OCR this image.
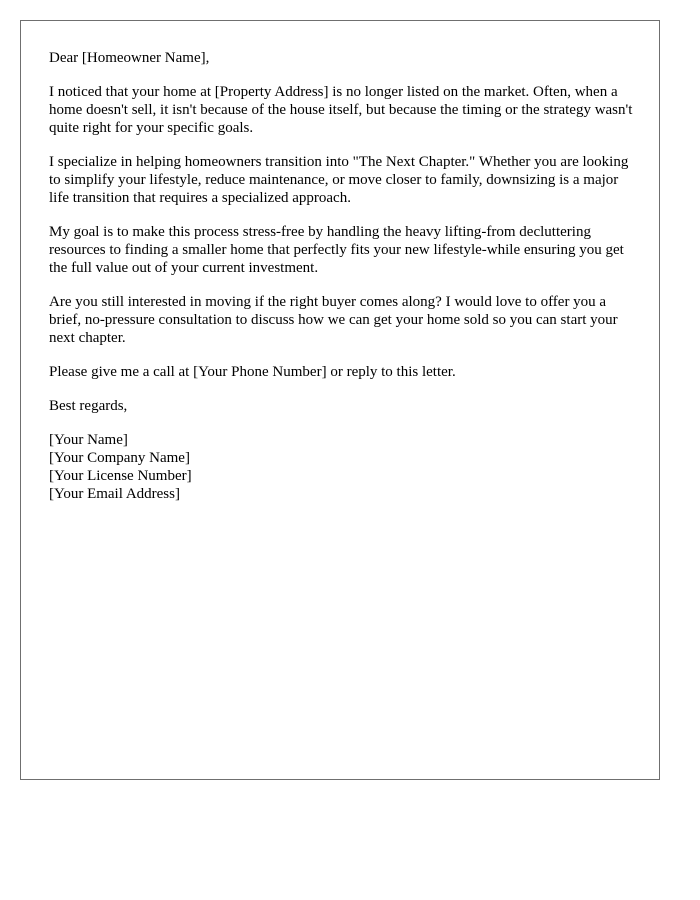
Dear [Homeowner Name],

I noticed that your home at [Property Address] is no longer listed on the market. Often, when a home doesn't sell, it isn't because of the house itself, but because the timing or the strategy wasn't quite right for your specific goals.

I specialize in helping homeowners transition into "The Next Chapter." Whether you are looking to simplify your lifestyle, reduce maintenance, or move closer to family, downsizing is a major life transition that requires a specialized approach.

My goal is to make this process stress-free by handling the heavy lifting-from decluttering resources to finding a smaller home that perfectly fits your new lifestyle-while ensuring you get the full value out of your current investment.

Are you still interested in moving if the right buyer comes along? I would love to offer you a brief, no-pressure consultation to discuss how we can get your home sold so you can start your next chapter.

Please give me a call at [Your Phone Number] or reply to this letter.

Best regards,

[Your Name]
[Your Company Name]
[Your License Number]
[Your Email Address]
